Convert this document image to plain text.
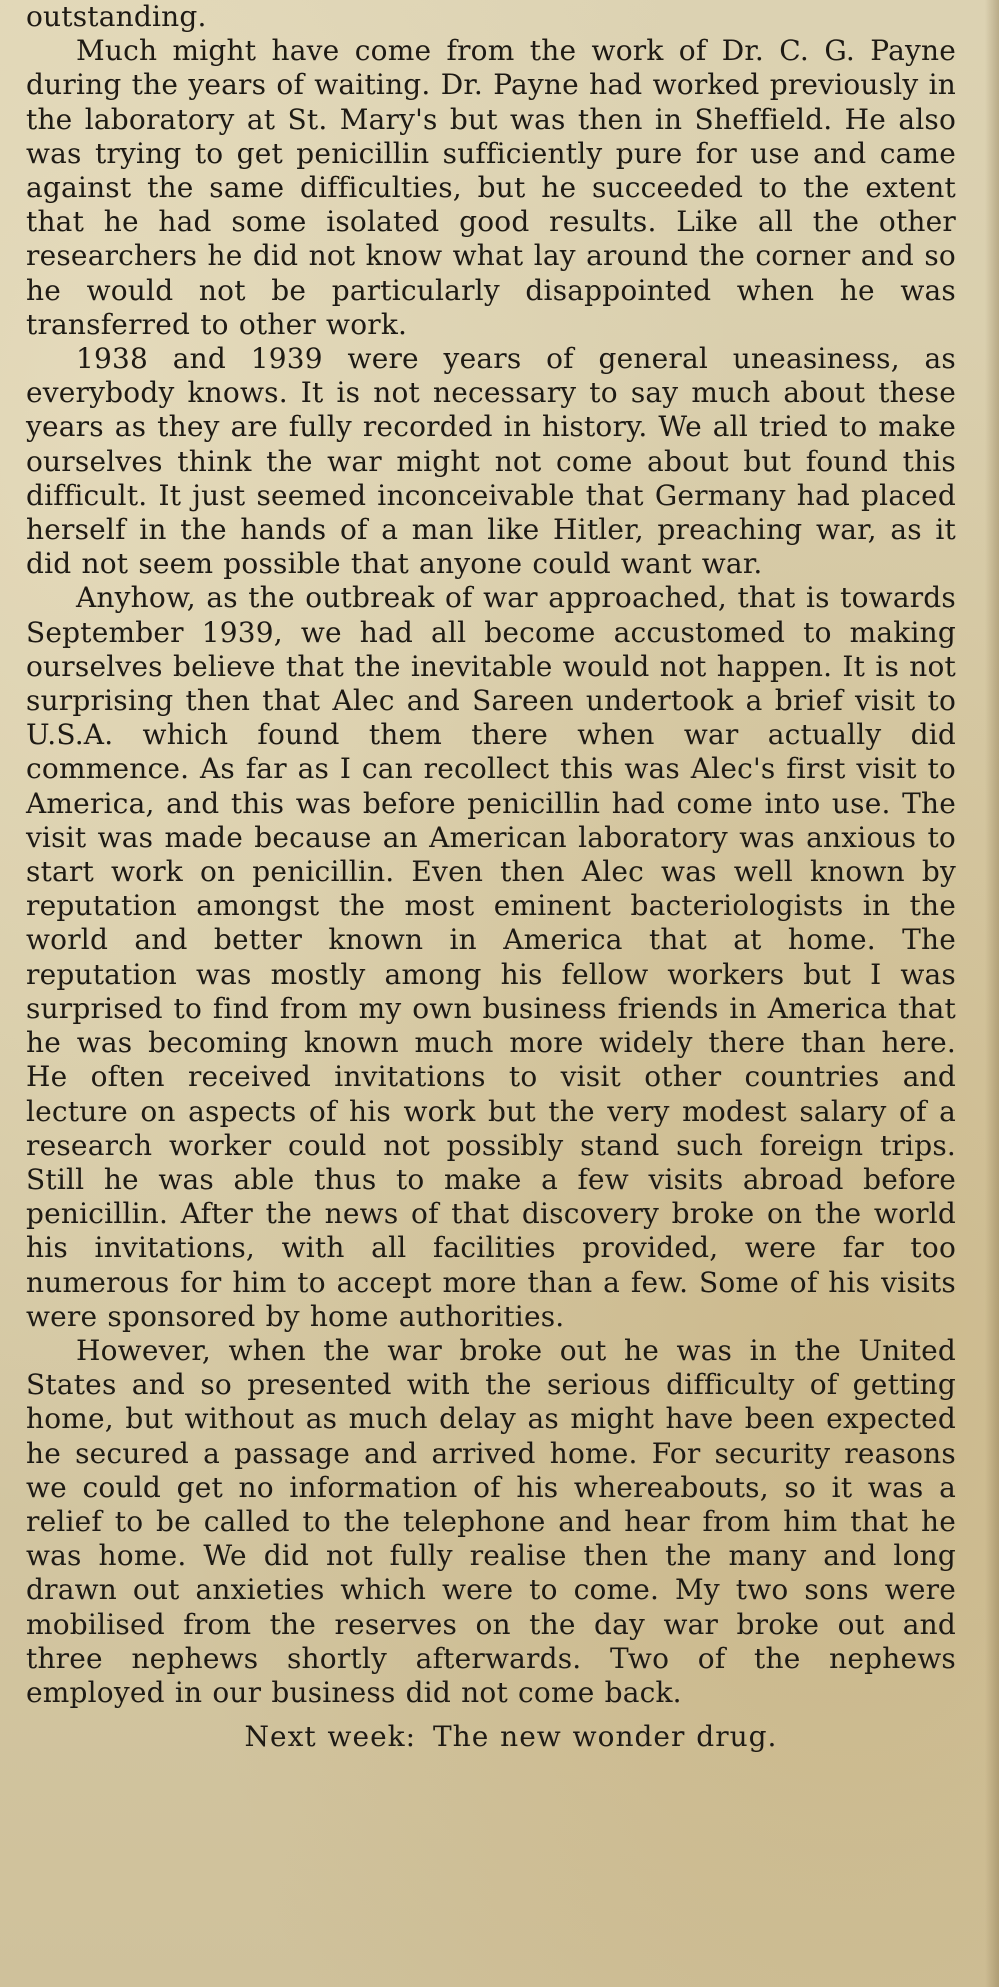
outstanding.

Much might have come from the work of Dr. C. G. Payne during the years of waiting. Dr. Payne had worked previously in the laboratory at St. Mary's but was then in Sheffield. He also was trying to get penicillin sufficiently pure for use and came against the same difficulties, but he succeeded to the extent that he had some isolated good results. Like all the other researchers he did not know what lay around the corner and so he would not be particularly disappointed when he was transferred to other work.

1938 and 1939 were years of general uneasiness, as everybody knows. It is not necessary to say much about these years as they are fully recorded in history. We all tried to make ourselves think the war might not come about but found this difficult. It just seemed inconceivable that Germany had placed herself in the hands of a man like Hitler, preaching war, as it did not seem possible that anyone could want war.

Anyhow, as the outbreak of war approached, that is towards September 1939, we had all become accustomed to making ourselves believe that the inevitable would not happen. It is not surprising then that Alec and Sareen undertook a brief visit to U.S.A. which found them there when war actually did commence. As far as I can recollect this was Alec's first visit to America, and this was before penicillin had come into use. The visit was made because an American laboratory was anxious to start work on penicillin. Even then Alec was well known by reputation amongst the most eminent bacteriologists in the world and better known in America that at home. The reputation was mostly among his fellow workers but I was surprised to find from my own business friends in America that he was becoming known much more widely there than here. He often received invitations to visit other countries and lecture on aspects of his work but the very modest salary of a research worker could not possibly stand such foreign trips. Still he was able thus to make a few visits abroad before penicillin. After the news of that discovery broke on the world his invitations, with all facilities provided, were far too numerous for him to accept more than a few. Some of his visits were sponsored by home authorities.

However, when the war broke out he was in the United States and so presented with the serious difficulty of getting home, but without as much delay as might have been expected he secured a passage and arrived home. For security reasons we could get no information of his whereabouts, so it was a relief to be called to the telephone and hear from him that he was home. We did not fully realise then the many and long drawn out anxieties which were to come. My two sons were mobilised from the reserves on the day war broke out and three nephews shortly afterwards. Two of the nephews employed in our business did not come back.

Next week: The new wonder drug.
